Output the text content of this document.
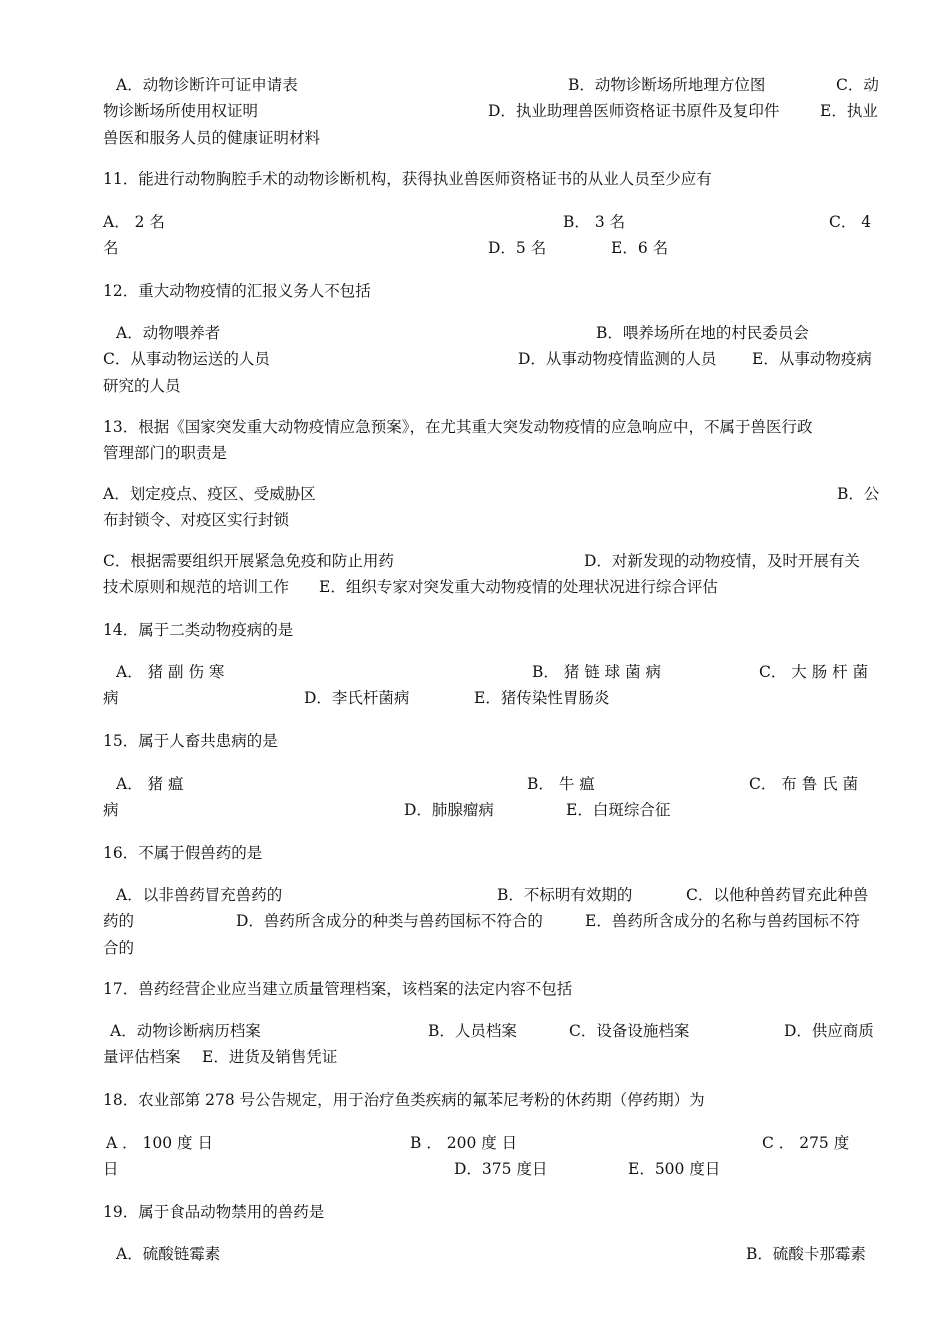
A．动物诊断许可证申请表	B．动物诊断场所地理方位图	C．动
物诊断场所使用权证明	D．执业助理兽医师资格证书原件及复印件	E．执业
兽医和服务人员的健康证明材料
11．能进行动物胸腔手术的动物诊断机构，获得执业兽医师资格证书的从业人员至少应有
A． 2 名	B． 3 名	C． 4
名	D．5 名	E．6 名
12．重大动物疫情的汇报义务人不包括
A．动物喂养者	B．喂养场所在地的村民委员会
C．从事动物运送的人员	D．从事动物疫情监测的人员 E．从事动物疫病
研究的人员
13．根据《国家突发重大动物疫情应急预案》，在尤其重大突发动物疫情的应急响应中，不属于兽医行政
管理部门的职责是
A．划定疫点、疫区、受威胁区	B．公
布封锁令、对疫区实行封锁
C．根据需要组织开展紧急免疫和防止用药	D．对新发现的动物疫情，及时开展有关
技术原则和规范的培训工作 E．组织专家对突发重大动物疫情的处理状况进行综合评估
14．属于二类动物疫病的是
A． 猪 副 伤 寒	B． 猪 链 球 菌 病	C． 大 肠 杆 菌
病	D．李氏杆菌病	E．猪传染性胃肠炎
15．属于人畜共患病的是
A． 猪 瘟	B． 牛 瘟	C． 布 鲁 氏 菌
病	D．肺腺瘤病	E．白斑综合征
16．不属于假兽药的是
A．以非兽药冒充兽药的	B．不标明有效期的	C．以他种兽药冒充此种兽
药的	D．兽药所含成分的种类与兽药国标不符合的	E．兽药所含成分的名称与兽药国标不符
合的
17．兽药经营企业应当建立质量管理档案，该档案的法定内容不包括
A．动物诊断病历档案	B．人员档案	C．设备设施档案	D．供应商质
量评估档案 E．进货及销售凭证
18．农业部第 278 号公告规定，用于治疗鱼类疾病的氟苯尼考粉的休药期（停药期）为
A ． 100 度 日	B ． 200 度 日	C ． 275 度
日	D．375 度日	E．500 度日
19．属于食品动物禁用的兽药是
A．硫酸链霉素	B．硫酸卡那霉素
